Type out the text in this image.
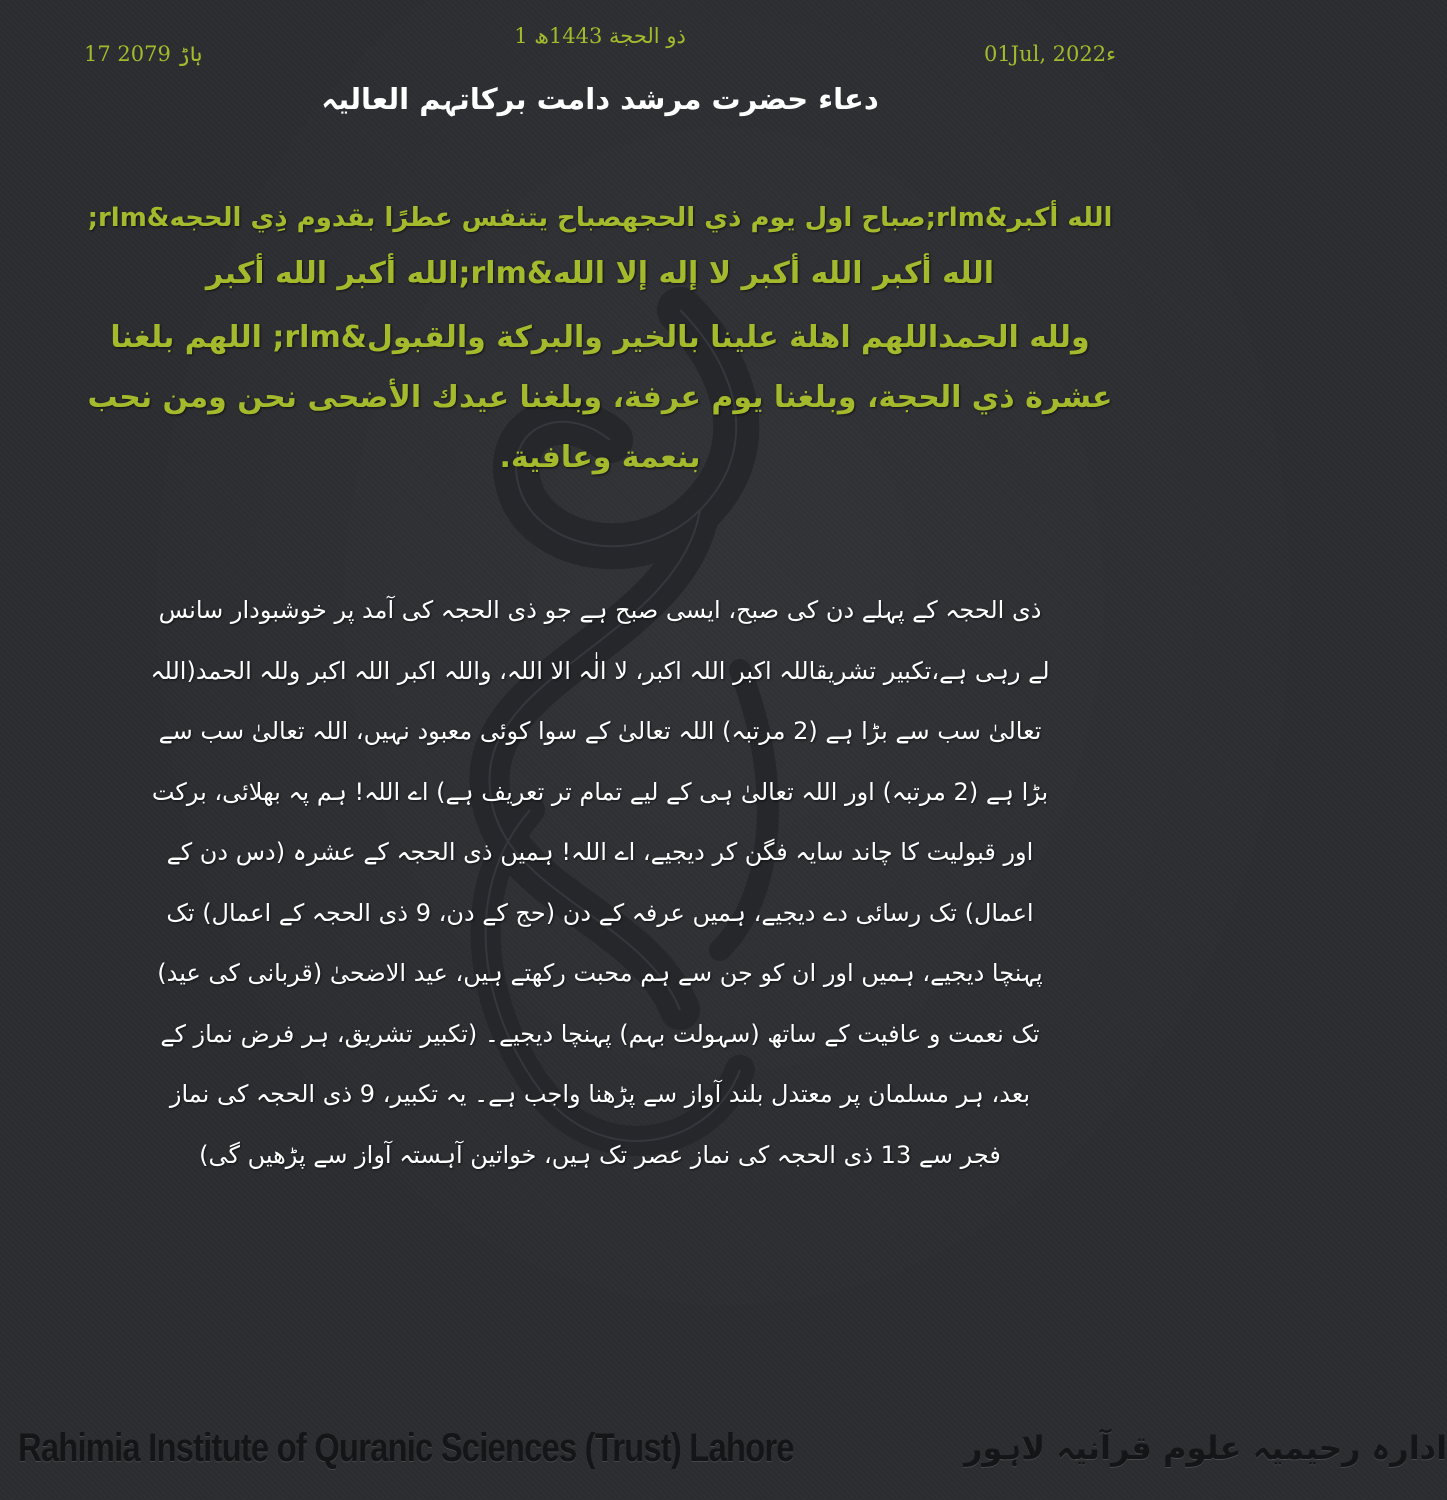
17 ہاڑ 2079
1 ذو الحجة 1443ھ
01Jul, 2022ء
دعاء حضرت مرشد دامت برکاتہم العالیہ

الله أكبر&rlm;صباح اول يوم ذي الحجهصباح يتنفس عطرًا بقدوم ذِي الحجه&rlm;

الله أكبر الله أكبر لا إله إلا الله&rlm;الله أكبر الله أكبر

ولله الحمداللهم اهلة علينا بالخير والبركة والقبول&rlm; اللهم بلغنا عشرة ذي الحجة، وبلغنا يوم عرفة، وبلغنا عيدك الأضحى نحن ومن نحب بنعمة وعافية.

ذی الحجہ کے پہلے دن کی صبح، ایسی صبح ہے جو ذی الحجہ کی آمد پر خوشبودار سانس لے رہی ہے،تکبیر تشریقاللہ اکبر اللہ اکبر، لا الٰہ الا اللہ، واللہ اکبر اللہ اکبر وللہ الحمد(اللہ تعالیٰ سب سے بڑا ہے (2 مرتبہ) اللہ تعالیٰ کے سوا کوئی معبود نہیں، اللہ تعالیٰ سب سے بڑا ہے (2 مرتبہ) اور اللہ تعالیٰ ہی کے لیے تمام تر تعریف ہے) اے اللہ! ہم پہ بھلائی، برکت اور قبولیت کا چاند سایہ فگن کر دیجیے، اے اللہ! ہمیں ذی الحجہ کے عشرہ (دس دن کے اعمال) تک رسائی دے دیجیے، ہمیں عرفہ کے دن (حج کے دن، 9 ذی الحجہ کے اعمال) تک پہنچا دیجیے، ہمیں اور ان کو جن سے ہم محبت رکھتے ہیں، عید الاضحیٰ (قربانی کی عید) تک نعمت و عافیت کے ساتھ (سہولت بہم) پہنچا دیجیے۔ (تکبیر تشریق، ہر فرض نماز کے بعد، ہر مسلمان پر معتدل بلند آواز سے پڑھنا واجب ہے۔ یہ تکبیر، 9 ذی الحجہ کی نماز فجر سے 13 ذی الحجہ کی نماز عصر تک ہیں، خواتین آہستہ آواز سے پڑھیں گی)
Rahimia Institute of Quranic Sciences (Trust) Lahore	ادارہ رحیمیہ علوم قرآنیہ لاہور
